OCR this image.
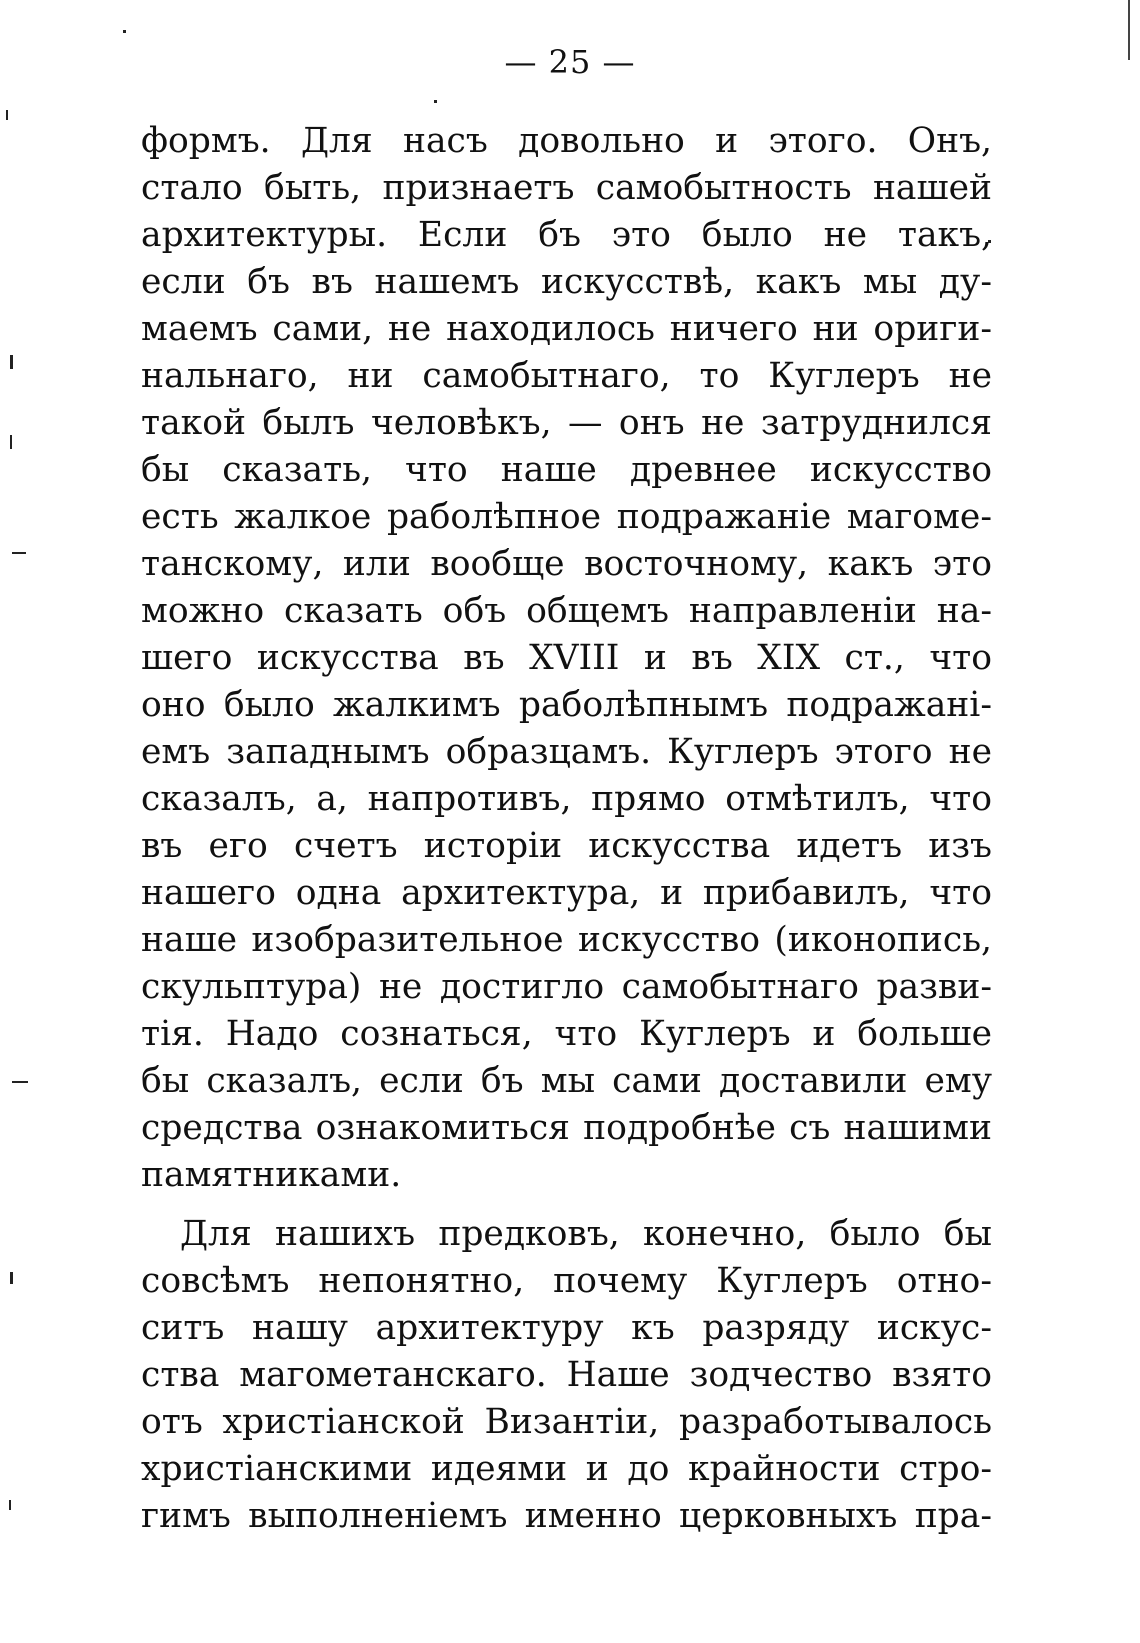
— 25 —
формъ. Для насъ довольно и этого. Онъ,
стало быть, признаетъ самобытность нашей
архитектуры. Если бъ это было не такъ,
если бъ въ нашемъ искусствѣ, какъ мы ду-
маемъ сами, не находилось ничего ни ориги-
нальнаго, ни самобытнаго, то Куглеръ не
такой былъ человѣкъ, — онъ не затруднился
бы сказать, что наше древнее искусство
есть жалкое раболѣпное подражанiе магоме-
танскому, или вообще восточному, какъ это
можно сказать объ общемъ направленiи на-
шего искусства въ XVIII и въ XIX ст., что
оно было жалкимъ раболѣпнымъ подражанi-
емъ западнымъ образцамъ. Куглеръ этого не
сказалъ, а, напротивъ, прямо отмѣтилъ, что
въ его счетъ исторiи искусства идетъ изъ
нашего одна архитектура, и прибавилъ, что
наше изобразительное искусство (иконопись,
скульптура) не достигло самобытнаго разви-
тiя. Надо сознаться, что Куглеръ и больше
бы сказалъ, если бъ мы сами доставили ему
средства ознакомиться подробнѣе съ нашими
памятниками.
Для нашихъ предковъ, конечно, было бы
совсѣмъ непонятно, почему Куглеръ отно-
ситъ нашу архитектуру къ разряду искус-
ства магометанскаго. Наше зодчество взято
отъ христiанской Византiи, разработывалось
христiанскими идеями и до крайности стро-
гимъ выполненiемъ именно церковныхъ пра-
